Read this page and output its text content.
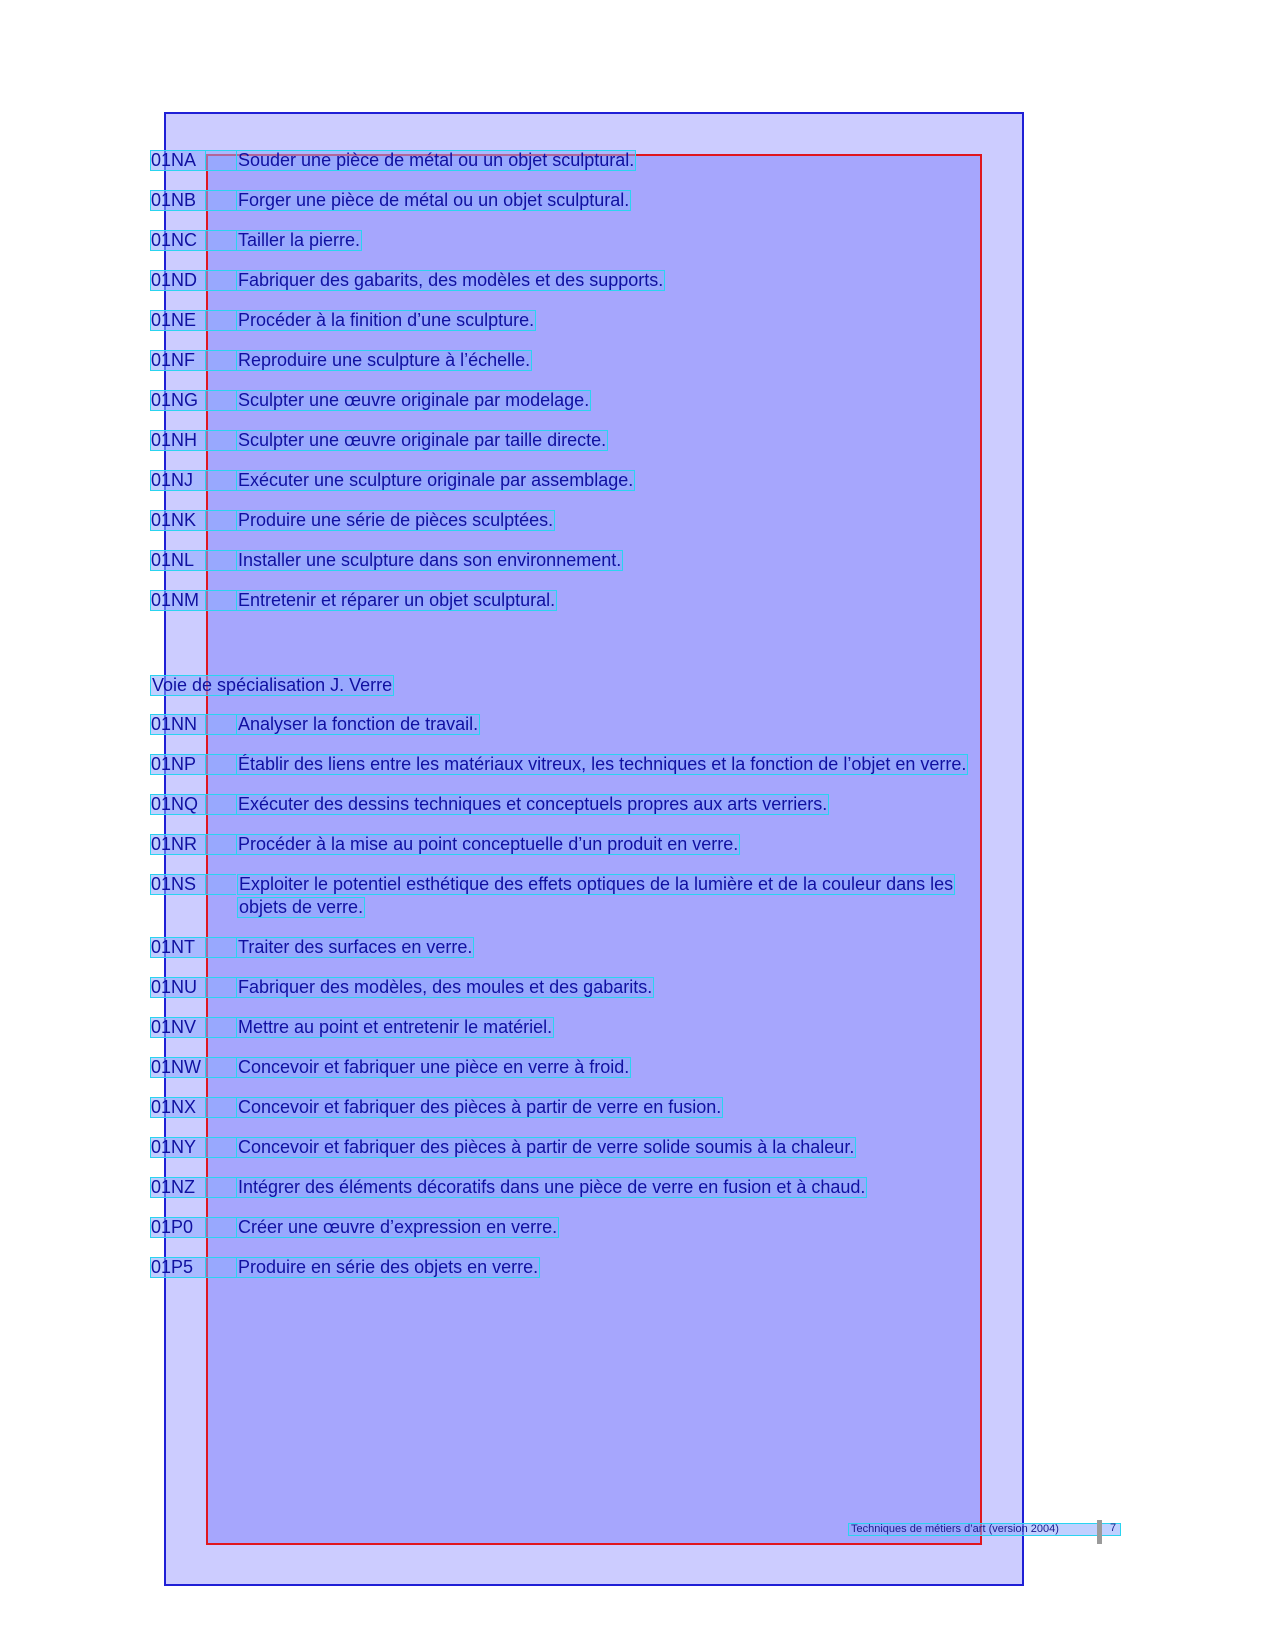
01NA	Souder une pièce de métal ou un objet sculptural.
01NB	Forger une pièce de métal ou un objet sculptural.
01NC	Tailler la pierre.
01ND	Fabriquer des gabarits, des modèles et des supports.
01NE	Procéder à la finition d’une sculpture.
01NF	Reproduire une sculpture à l’échelle.
01NG	Sculpter une œuvre originale par modelage.
01NH	Sculpter une œuvre originale par taille directe.
01NJ	Exécuter une sculpture originale par assemblage.
01NK	Produire une série de pièces sculptées.
01NL	Installer une sculpture dans son environnement.
01NM	Entretenir et réparer un objet sculptural.
Voie de spécialisation J. Verre
01NN	Analyser la fonction de travail.
01NP	Établir des liens entre les matériaux vitreux, les techniques et la fonction de l’objet en verre.
01NQ	Exécuter des dessins techniques et conceptuels propres aux arts verriers.
01NR	Procéder à la mise au point conceptuelle d’un produit en verre.
01NS	Exploiter le potentiel esthétique des effets optiques de la lumière et de la couleur dans les
objets de verre.
01NT	Traiter des surfaces en verre.
01NU	Fabriquer des modèles, des moules et des gabarits.
01NV	Mettre au point et entretenir le matériel.
01NW Concevoir et fabriquer une pièce en verre à froid.
01NX	Concevoir et fabriquer des pièces à partir de verre en fusion.
01NY	Concevoir et fabriquer des pièces à partir de verre solide soumis à la chaleur.
01NZ	Intégrer des éléments décoratifs dans une pièce de verre en fusion et à chaud.
01P0	Créer une œuvre d’expression en verre.
01P5	Produire en série des objets en verre.
Techniques de métiers d’art (version 2004)	7
